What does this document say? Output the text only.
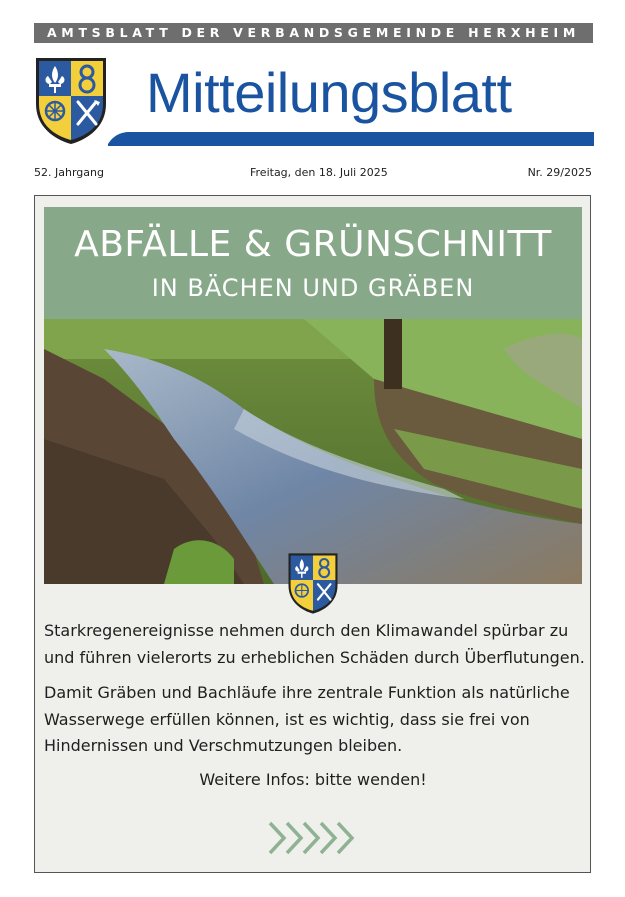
AMTSBLATT DER VERBANDSGEMEINDE HERXHEIM
Mitteilungsblatt
52. Jahrgang	Freitag, den 18. Juli 2025	Nr. 29/2025
ABFÄLLE & GRÜNSCHNITT
IN BÄCHEN UND GRÄBEN
Starkregenereignisse nehmen durch den Klimawandel spürbar zu
und führen vielerorts zu erheblichen Schäden durch Überflutungen.
Damit Gräben und Bachläufe ihre zentrale Funktion als natürliche
Wasserwege erfüllen können, ist es wichtig, dass sie frei von
Hindernissen und Verschmutzungen bleiben.
Weitere Infos: bitte wenden!
